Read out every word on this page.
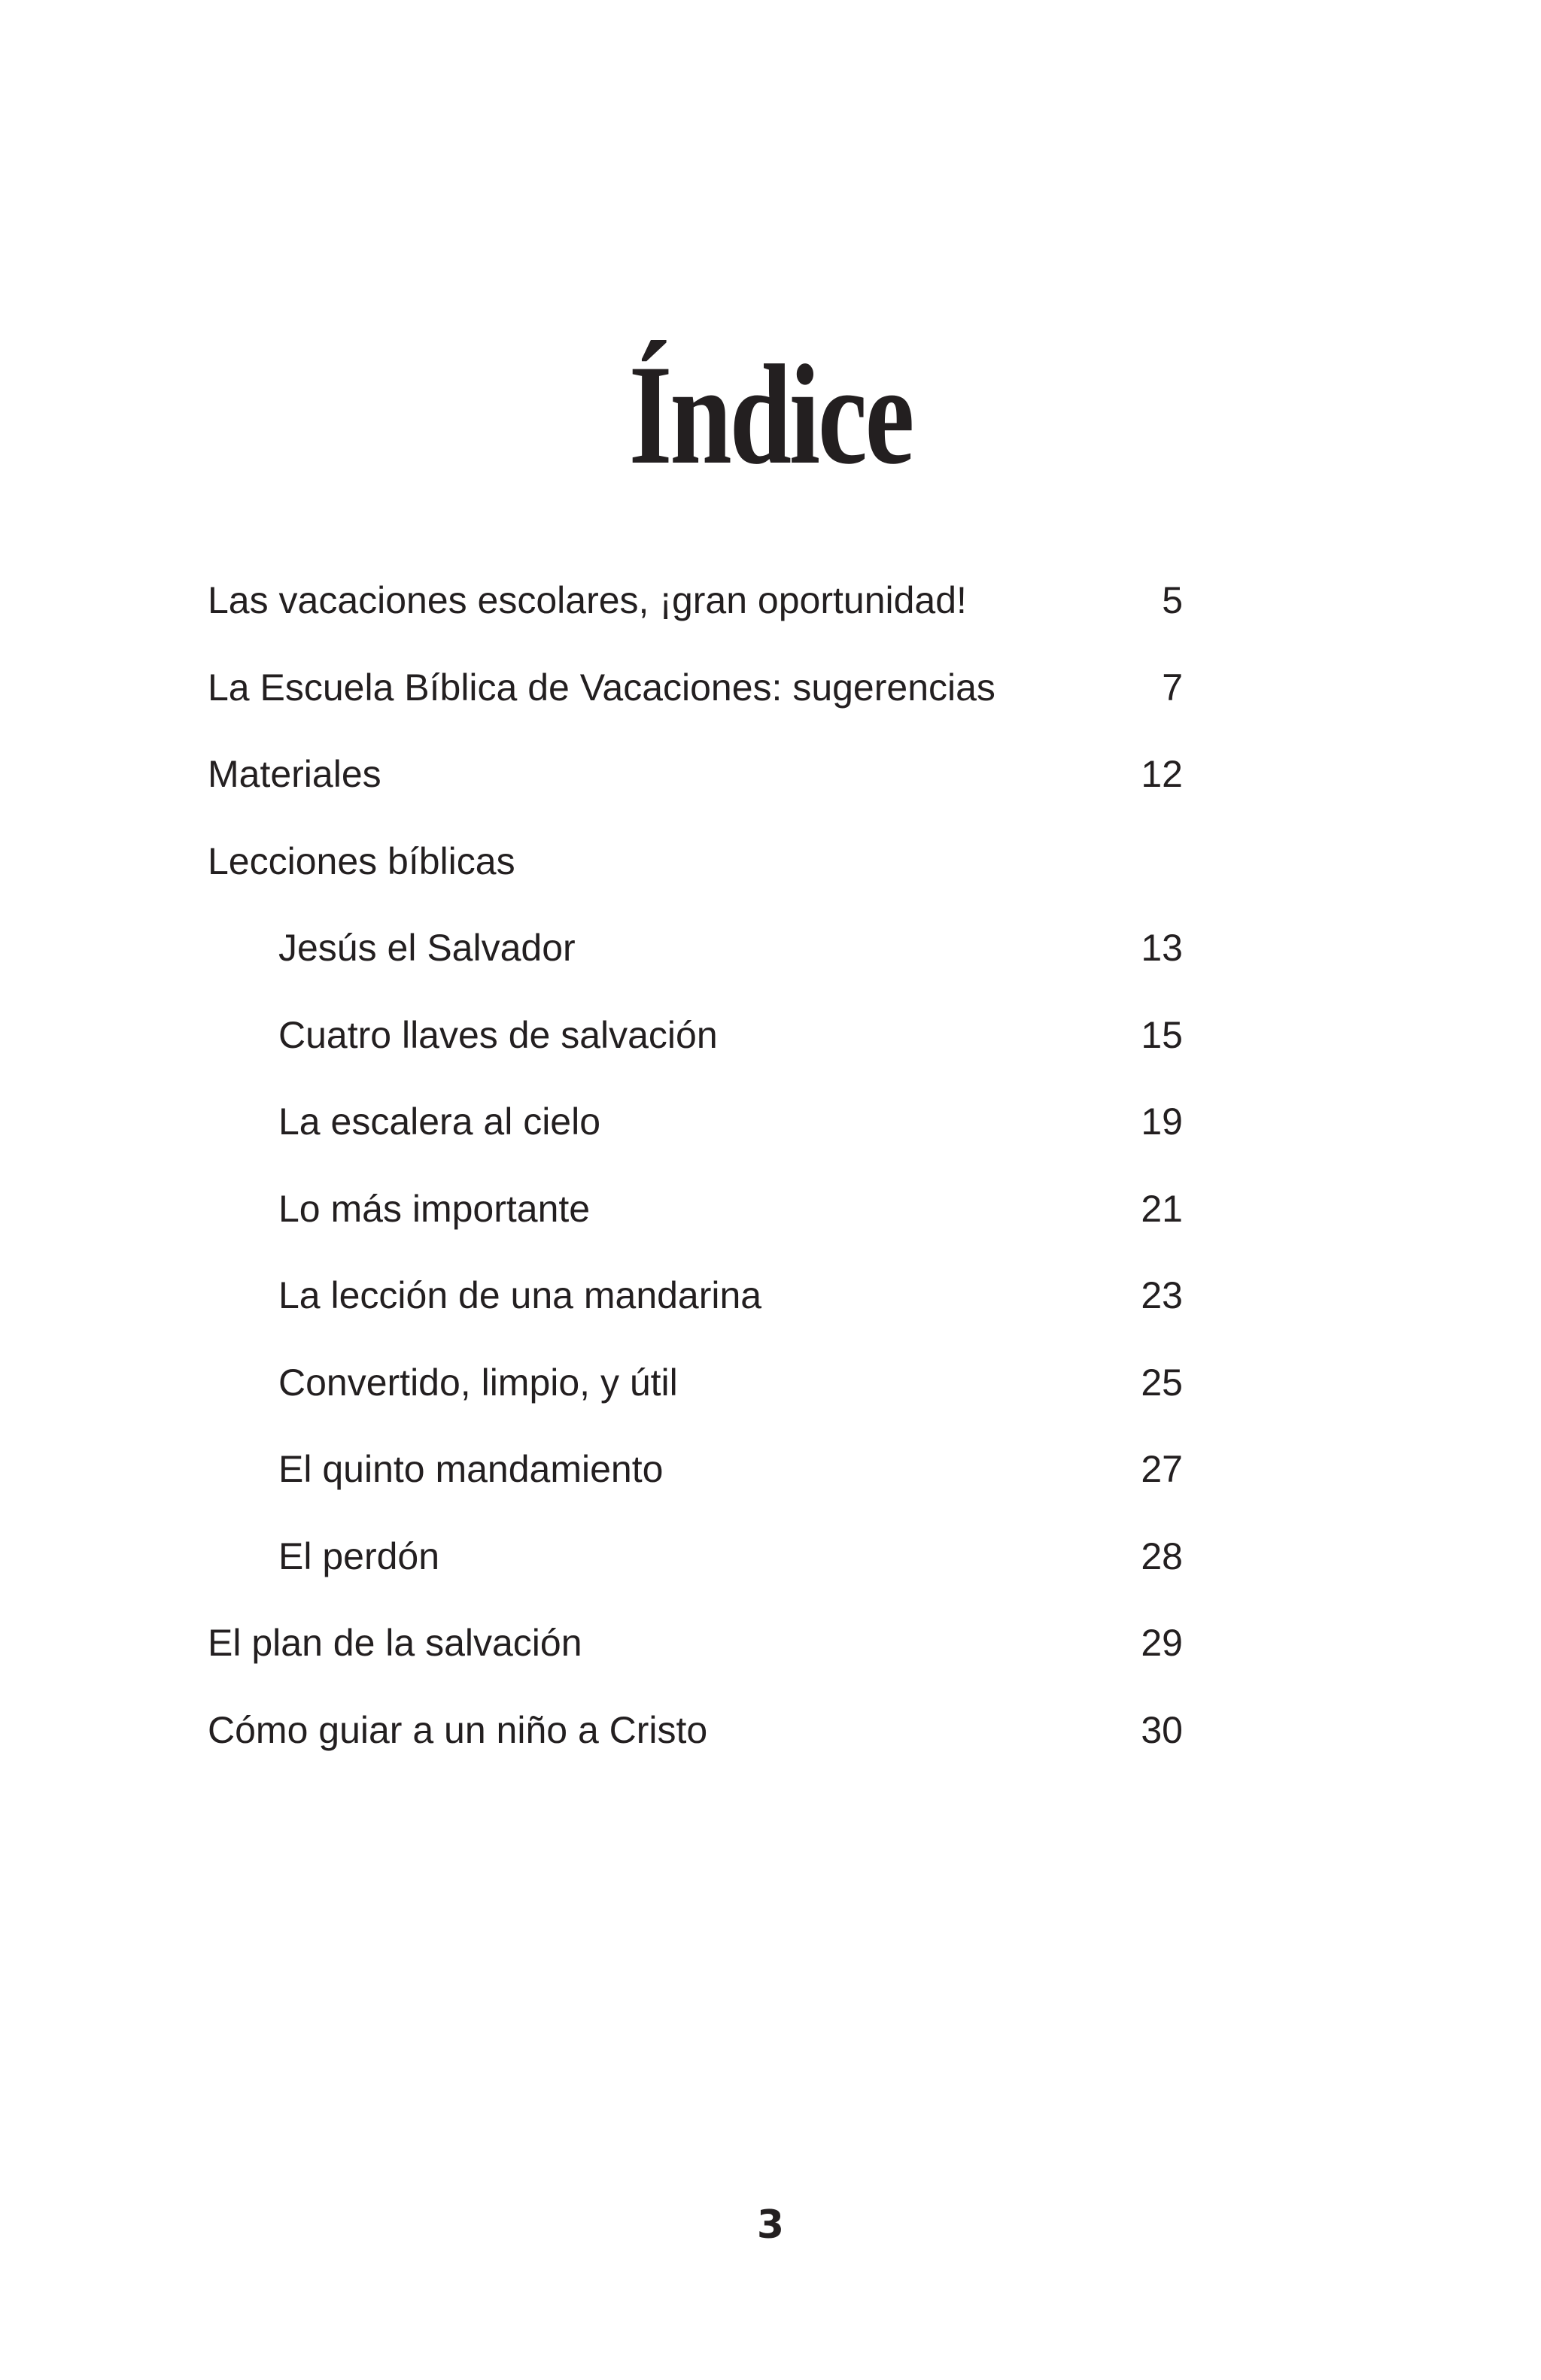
Índice
Las vacaciones escolares, ¡gran oportunidad!	5
La Escuela Bíblica de Vacaciones: sugerencias	7
Materiales	12
Lecciones bíblicas
Jesús el Salvador	13
Cuatro llaves de salvación	15
La escalera al cielo	19
Lo más importante	21
La lección de una mandarina	23
Convertido, limpio, y útil	25
El quinto mandamiento	27
El perdón	28
El plan de la salvación	29
Cómo guiar a un niño a Cristo	30
3
